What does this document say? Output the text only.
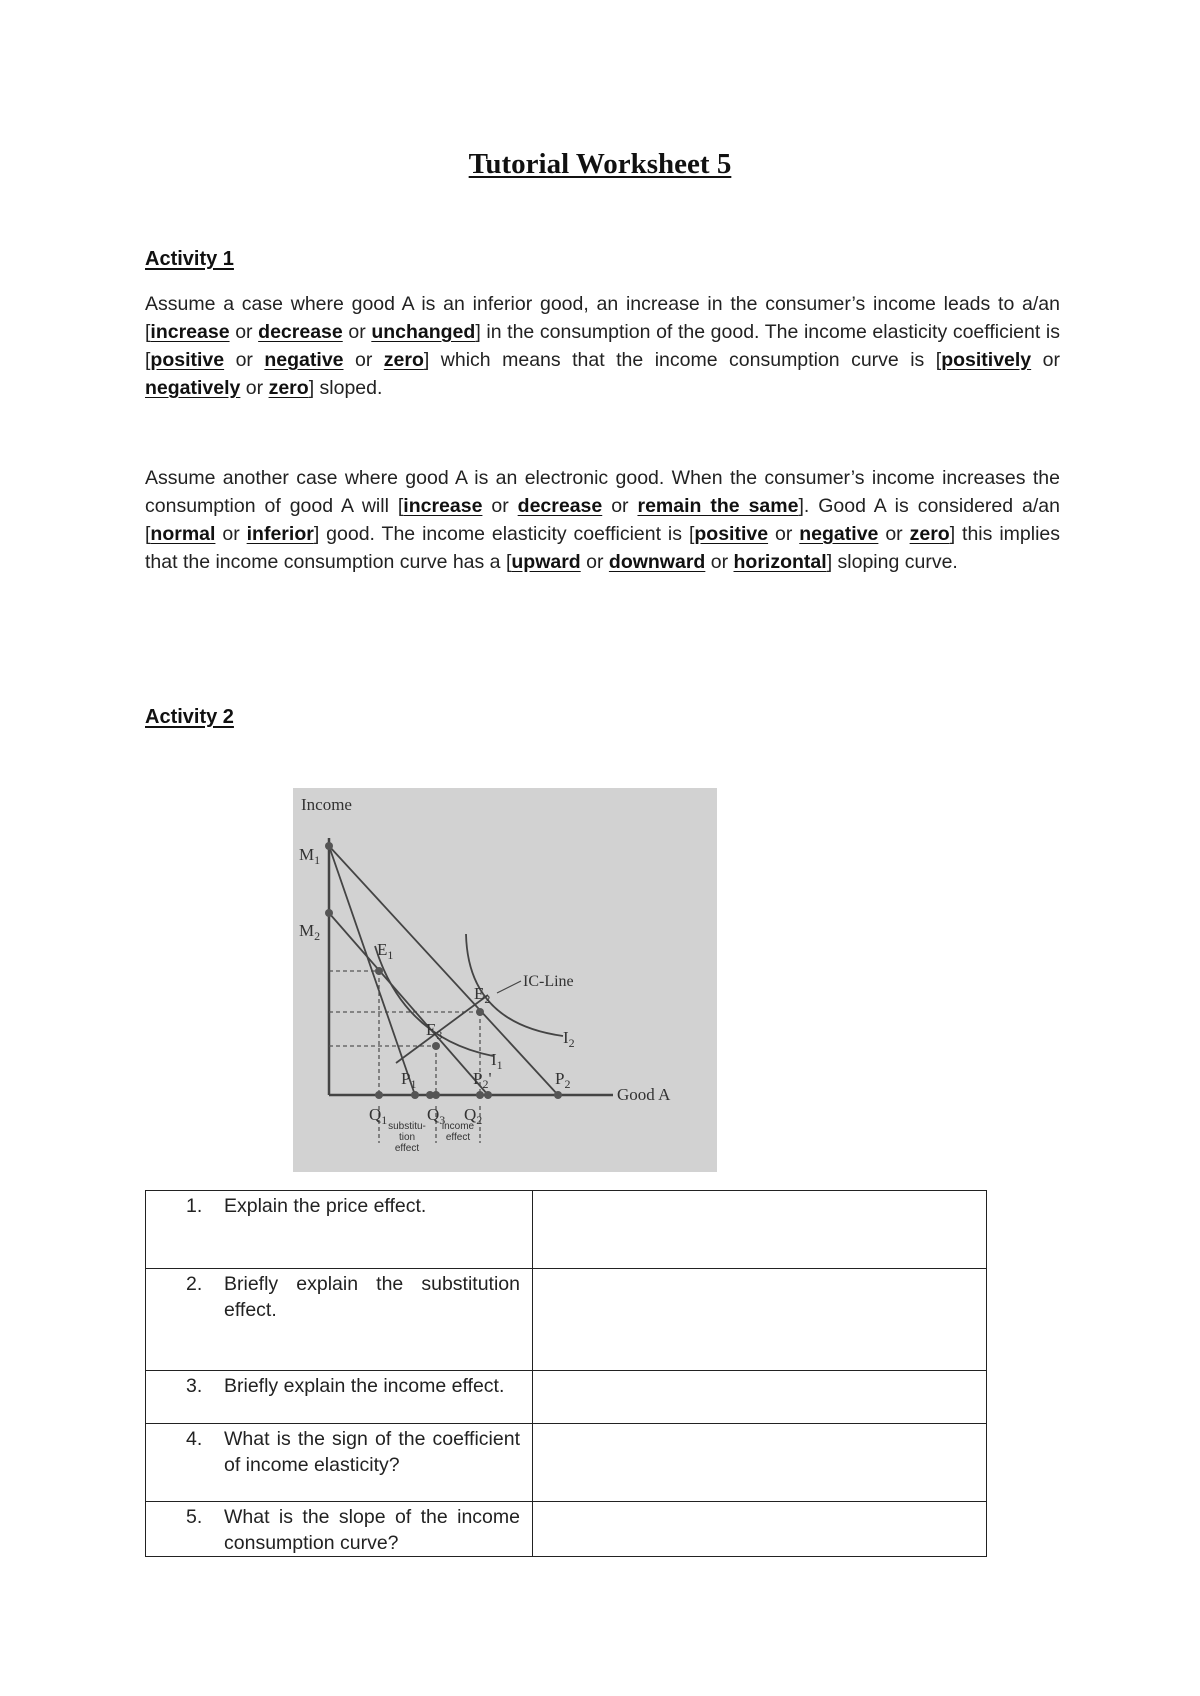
Tutorial Worksheet 5
Activity 1
Assume a case where good A is an inferior good, an increase in the consumer’s income leads to a/an [increase or decrease or unchanged] in the consumption of the good. The income elasticity coefficient is [positive or negative or zero] which means that the income consumption curve is [positively or negatively or zero] sloped.
Assume another case where good A is an electronic good. When the consumer’s income increases the consumption of good A will [increase or decrease or remain the same]. Good A is considered a/an [normal or inferior] good. The income elasticity coefficient is [positive or negative or zero] this implies that the income consumption curve has a [upward or downward or horizontal] sloping curve.
Activity 2
Income
Good A
$M_1$
$M_2$
$E_1$
$E_2$
$E_3$
IC-Line
$I_1$
$I_2$
$P_1$	$P_2'$	$P_2$
$Q_1$ $Q_3$ $Q_2$
substitu-
tion
effect
income
effect
1. Explain the price effect.	

2. Briefly explain the substitution effect.	

3. Briefly explain the income effect.	

4. What is the sign of the coefficient of income elasticity?	

5. What is the slope of the income consumption curve?	
